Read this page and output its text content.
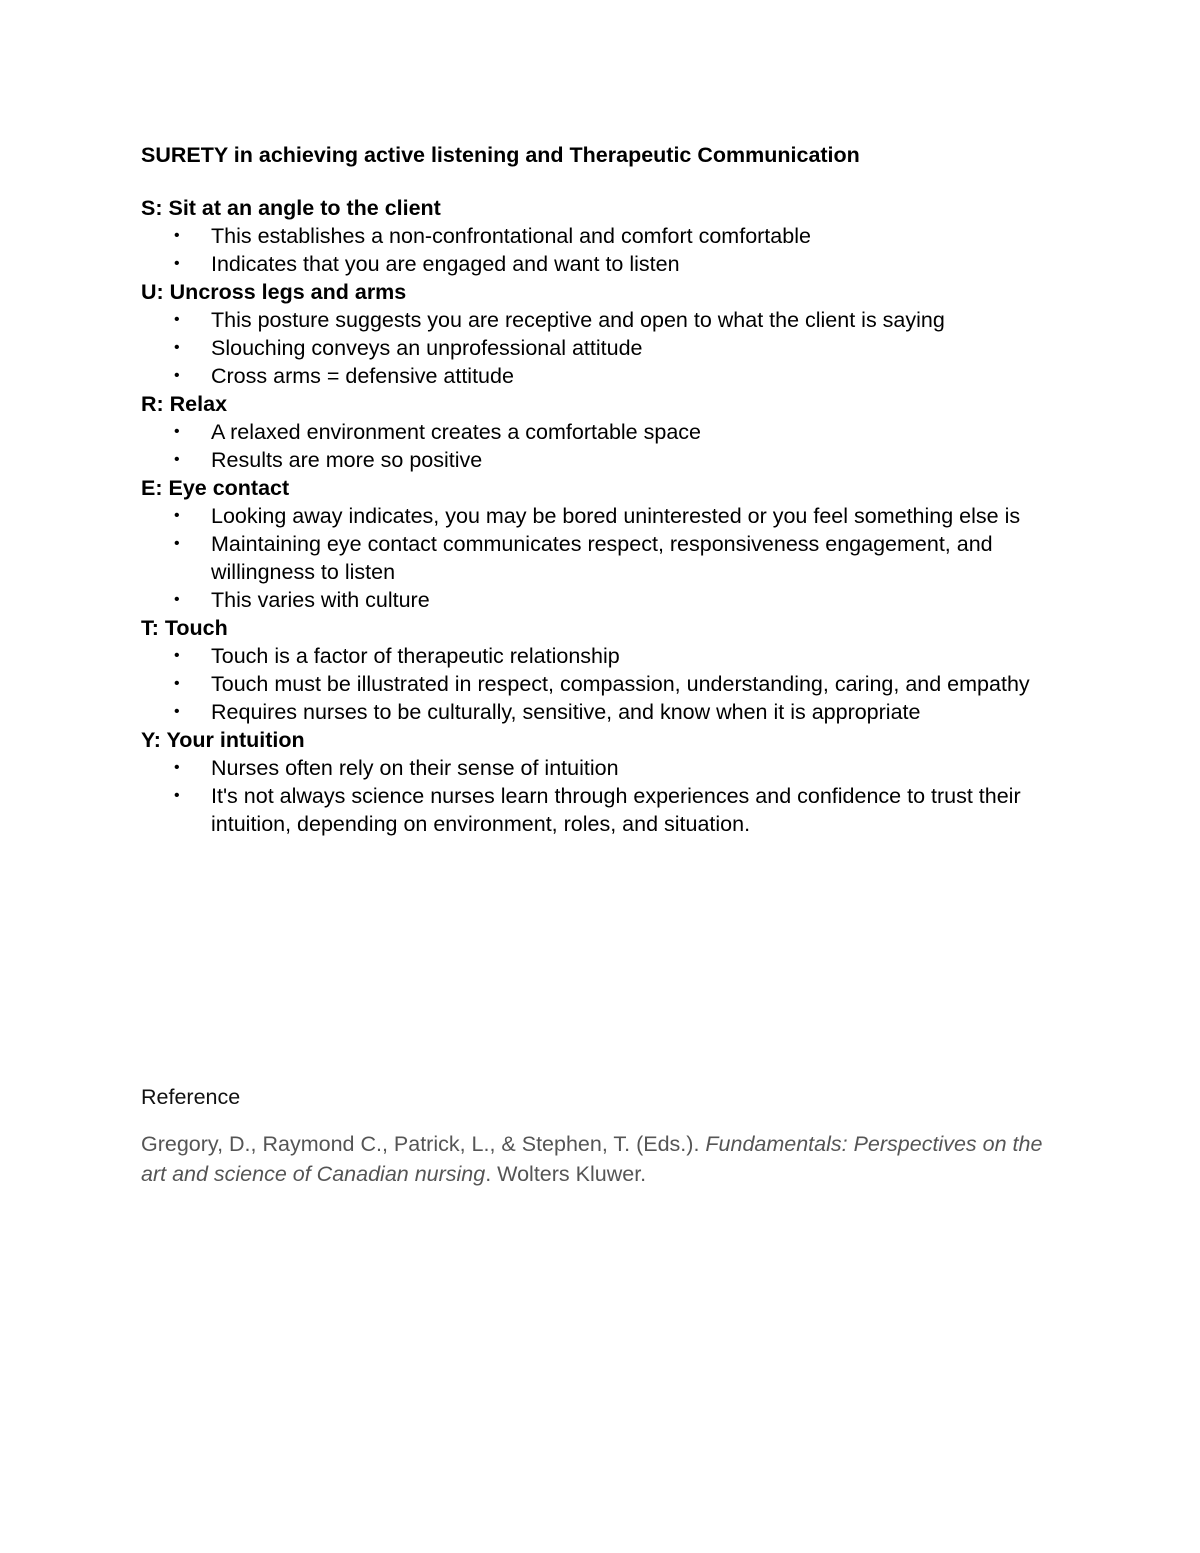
SURETY in achieving active listening and Therapeutic Communication
S: Sit at an angle to the client
• This establishes a non-confrontational and comfort comfortable
• Indicates that you are engaged and want to listen
U: Uncross legs and arms
• This posture suggests you are receptive and open to what the client is saying
• Slouching conveys an unprofessional attitude
• Cross arms = defensive attitude
R: Relax
• A relaxed environment creates a comfortable space
• Results are more so positive
E: Eye contact
• Looking away indicates, you may be bored uninterested or you feel something else is
• Maintaining eye contact communicates respect, responsiveness engagement, and willingness to listen
• This varies with culture
T: Touch
• Touch is a factor of therapeutic relationship
• Touch must be illustrated in respect, compassion, understanding, caring, and empathy
• Requires nurses to be culturally, sensitive, and know when it is appropriate
Y: Your intuition
• Nurses often rely on their sense of intuition
• It's not always science nurses learn through experiences and confidence to trust their intuition, depending on environment, roles, and situation.
Reference

Gregory, D., Raymond C., Patrick, L., & Stephen, T. (Eds.). Fundamentals: Perspectives on the art and science of Canadian nursing. Wolters Kluwer.
